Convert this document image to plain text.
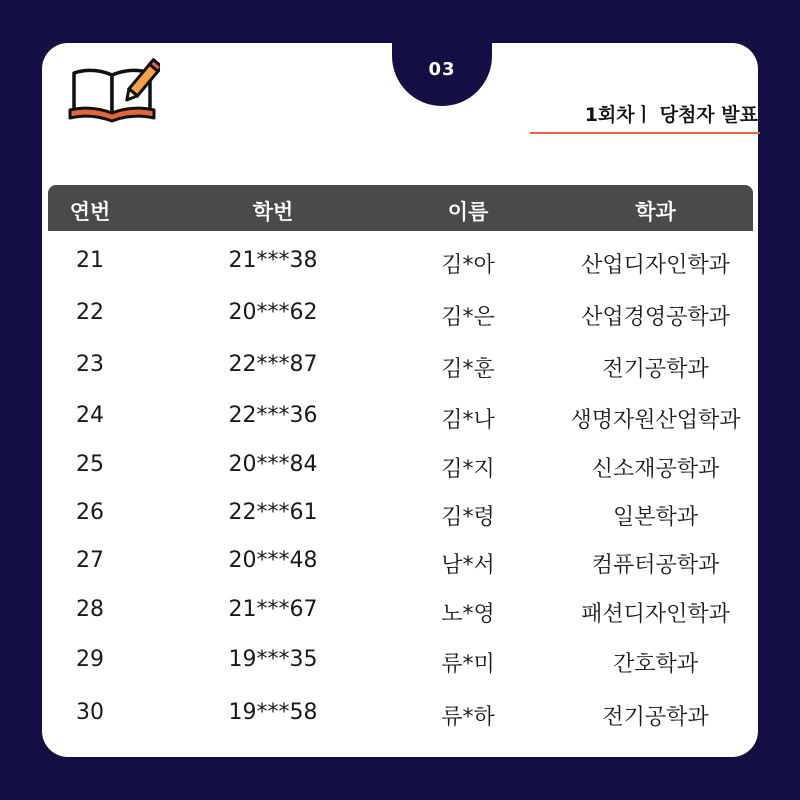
03
1회차ㅣ 당첨자 발표
연번	학번	이름	학과
21	21***38	김*아	산업디자인학과
22	20***62	김*은	산업경영공학과
23	22***87	김*훈	전기공학과
24	22***36	김*나	생명자원산업학과
25	20***84	김*지	신소재공학과
26	22***61	김*령	일본학과
27	20***48	남*서	컴퓨터공학과
28	21***67	노*영	패션디자인학과
29	19***35	류*미	간호학과
30	19***58	류*하	전기공학과
